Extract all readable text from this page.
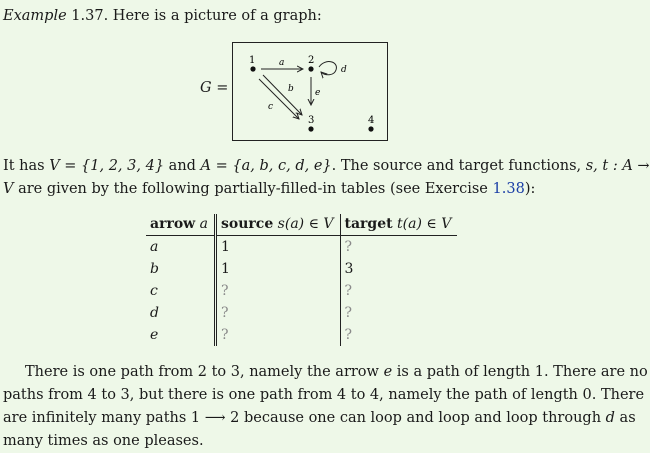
Example 1.37. Here is a picture of a graph:
G =
1	2
3	4
a
d
e
b
c
It has V = {1, 2, 3, 4} and A = {a, b, c, d, e}. The source and target functions, s, t : A →
V are given by the following partially-filled-in tables (see Exercise 1.38):
arrow a	source s(a) ∈ V	target t(a) ∈ V
a	1	?
b	1	3
c	?	?
d	?	?
e	?	?
There is one path from 2 to 3, namely the arrow e is a path of length 1. There are no
paths from 4 to 3, but there is one path from 4 to 4, namely the path of length 0. There
are infinitely many paths 1 ⟶ 2 because one can loop and loop and loop through d as
many times as one pleases.
